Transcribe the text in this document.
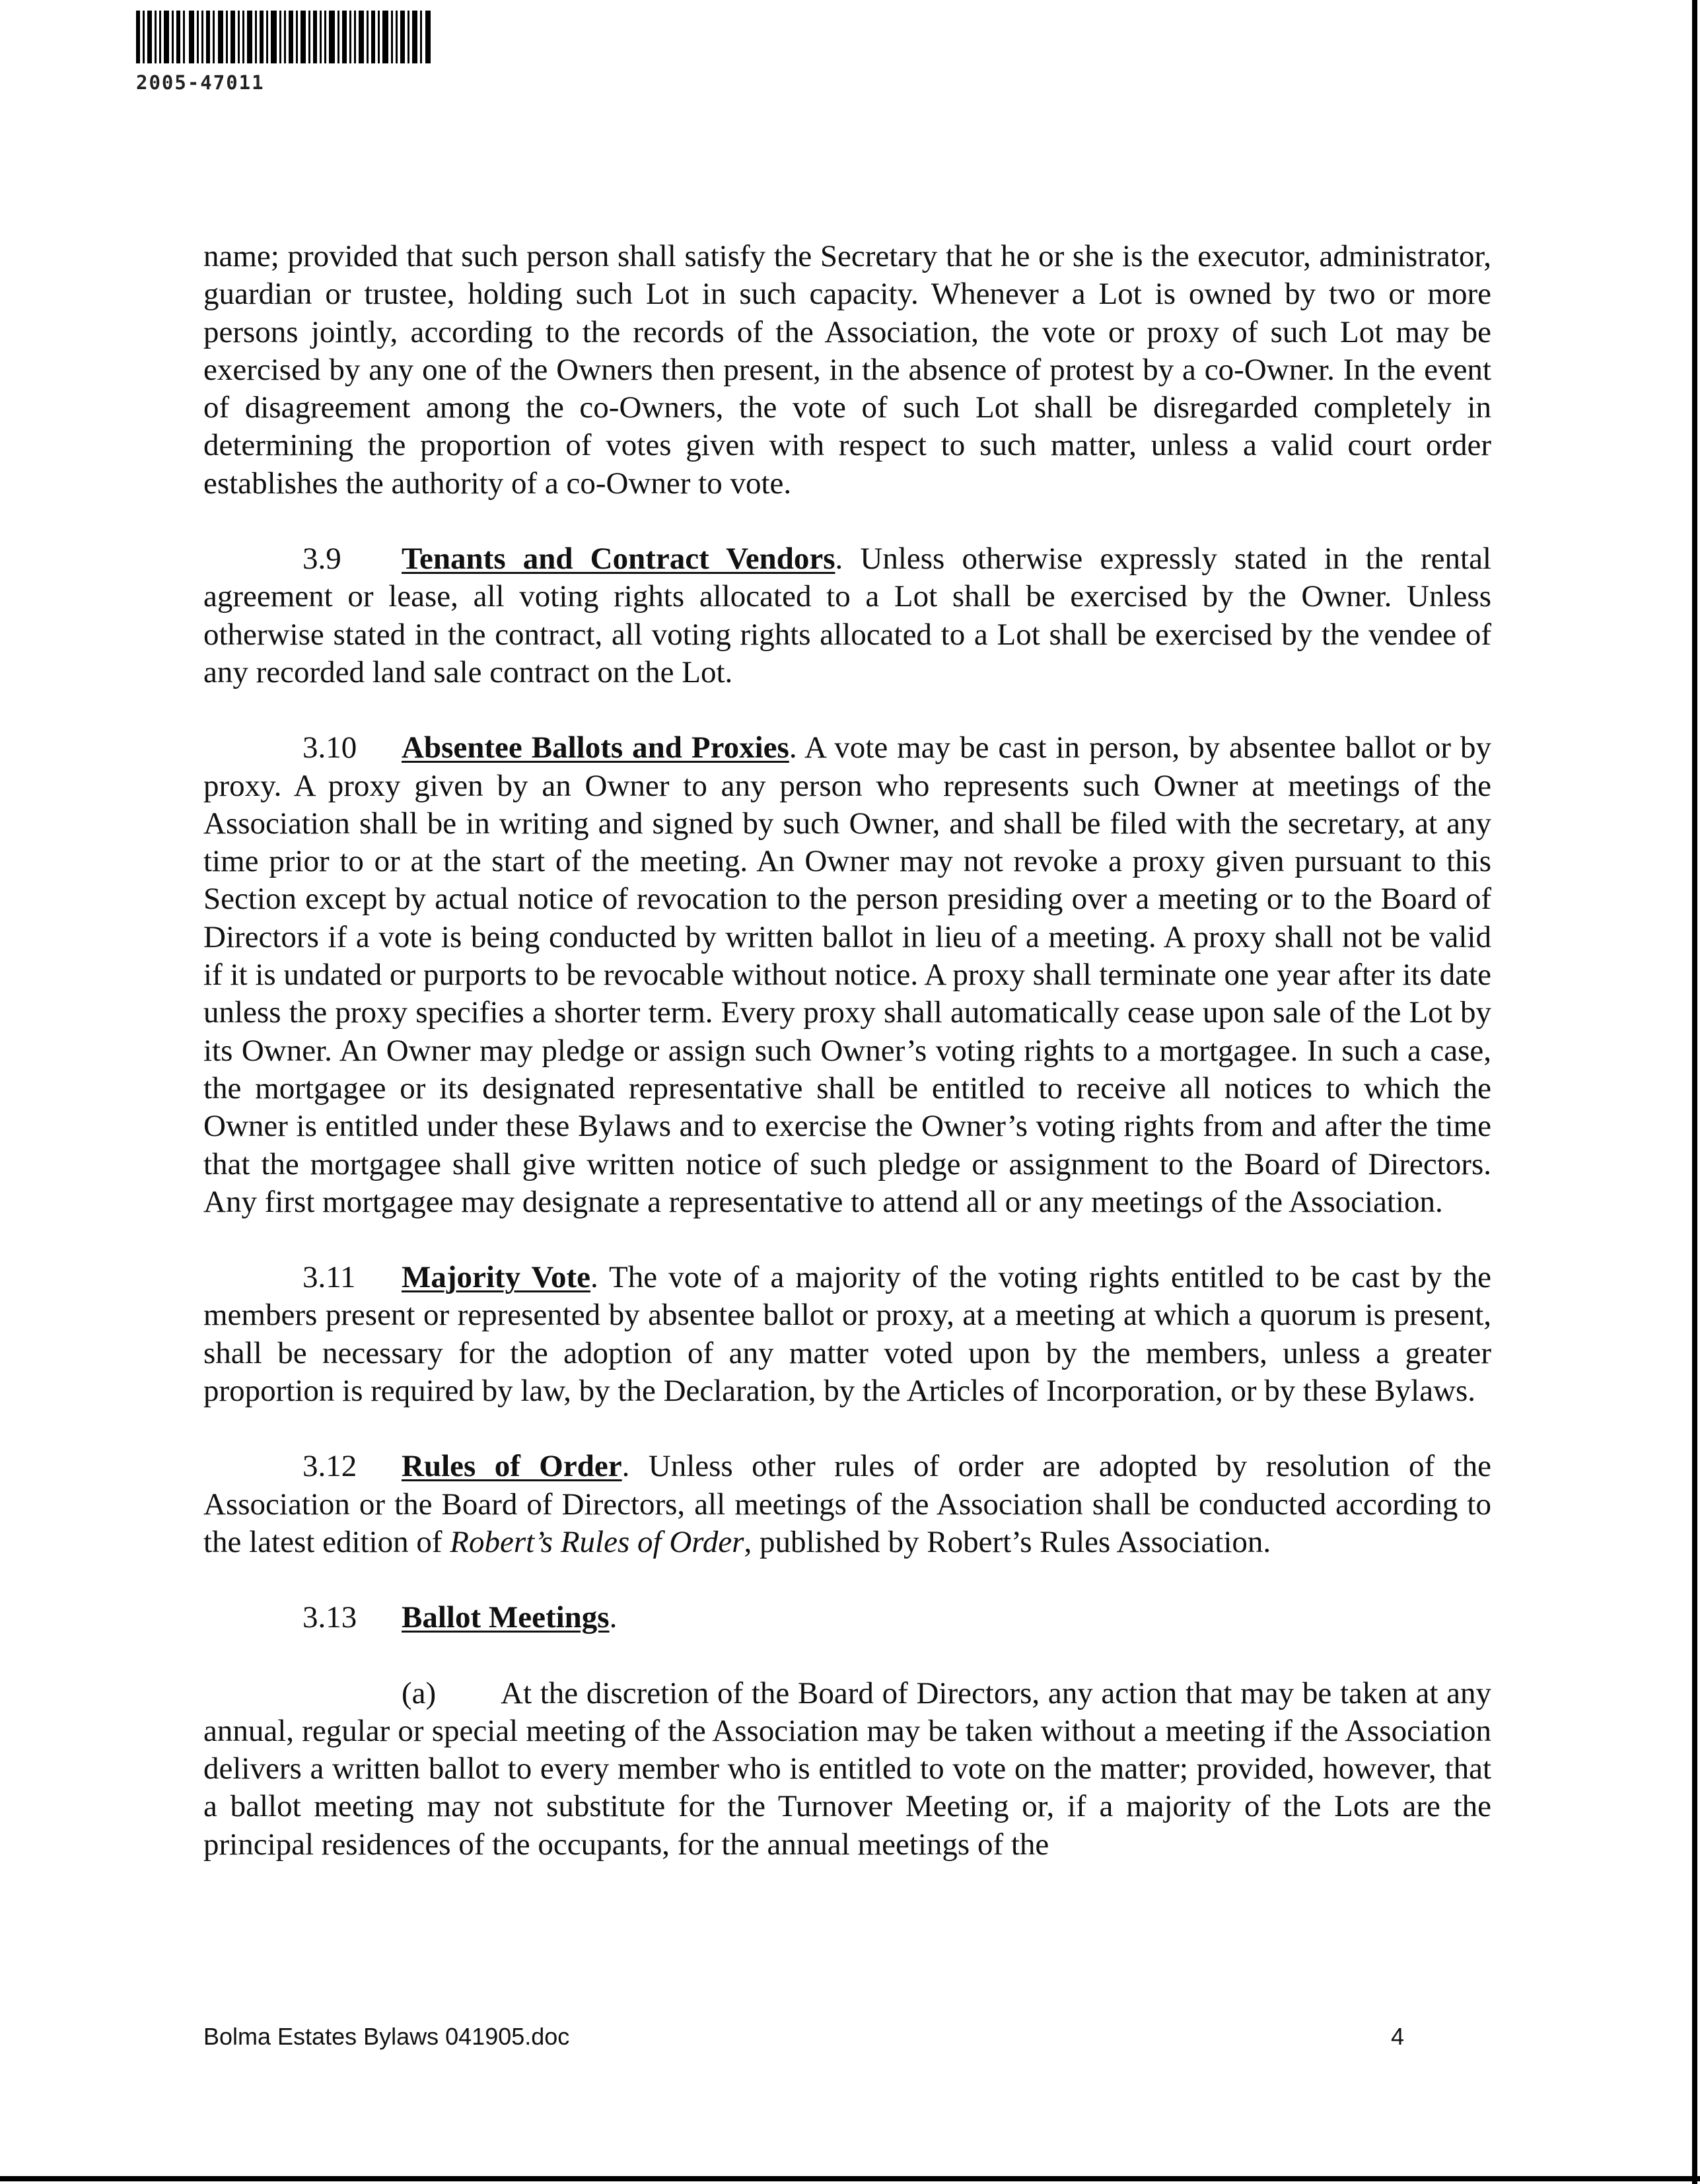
2005-47011

name; provided that such person shall satisfy the Secretary that he or she is the executor, administrator, guardian or trustee, holding such Lot in such capacity. Whenever a Lot is owned by two or more persons jointly, according to the records of the Association, the vote or proxy of such Lot may be exercised by any one of the Owners then present, in the absence of protest by a co-Owner. In the event of disagreement among the co-Owners, the vote of such Lot shall be disregarded completely in determining the proportion of votes given with respect to such matter, unless a valid court order establishes the authority of a co-Owner to vote.

3.9 Tenants and Contract Vendors. Unless otherwise expressly stated in the rental agreement or lease, all voting rights allocated to a Lot shall be exercised by the Owner. Unless otherwise stated in the contract, all voting rights allocated to a Lot shall be exercised by the vendee of any recorded land sale contract on the Lot.

3.10 Absentee Ballots and Proxies. A vote may be cast in person, by absentee ballot or by proxy. A proxy given by an Owner to any person who represents such Owner at meetings of the Association shall be in writing and signed by such Owner, and shall be filed with the secretary, at any time prior to or at the start of the meeting. An Owner may not revoke a proxy given pursuant to this Section except by actual notice of revocation to the person presiding over a meeting or to the Board of Directors if a vote is being conducted by written ballot in lieu of a meeting. A proxy shall not be valid if it is undated or purports to be revocable without notice. A proxy shall terminate one year after its date unless the proxy specifies a shorter term. Every proxy shall automatically cease upon sale of the Lot by its Owner. An Owner may pledge or assign such Owner’s voting rights to a mortgagee. In such a case, the mortgagee or its designated representative shall be entitled to receive all notices to which the Owner is entitled under these Bylaws and to exercise the Owner’s voting rights from and after the time that the mortgagee shall give written notice of such pledge or assignment to the Board of Directors. Any first mortgagee may designate a representative to attend all or any meetings of the Association.

3.11 Majority Vote. The vote of a majority of the voting rights entitled to be cast by the members present or represented by absentee ballot or proxy, at a meeting at which a quorum is present, shall be necessary for the adoption of any matter voted upon by the members, unless a greater proportion is required by law, by the Declaration, by the Articles of Incorporation, or by these Bylaws.

3.12 Rules of Order. Unless other rules of order are adopted by resolution of the Association or the Board of Directors, all meetings of the Association shall be conducted according to the latest edition of Robert’s Rules of Order, published by Robert’s Rules Association.

3.13 Ballot Meetings.

(a) At the discretion of the Board of Directors, any action that may be taken at any annual, regular or special meeting of the Association may be taken without a meeting if the Association delivers a written ballot to every member who is entitled to vote on the matter; provided, however, that a ballot meeting may not substitute for the Turnover Meeting or, if a majority of the Lots are the principal residences of the occupants, for the annual meetings of the

Bolma Estates Bylaws 041905.doc	4
